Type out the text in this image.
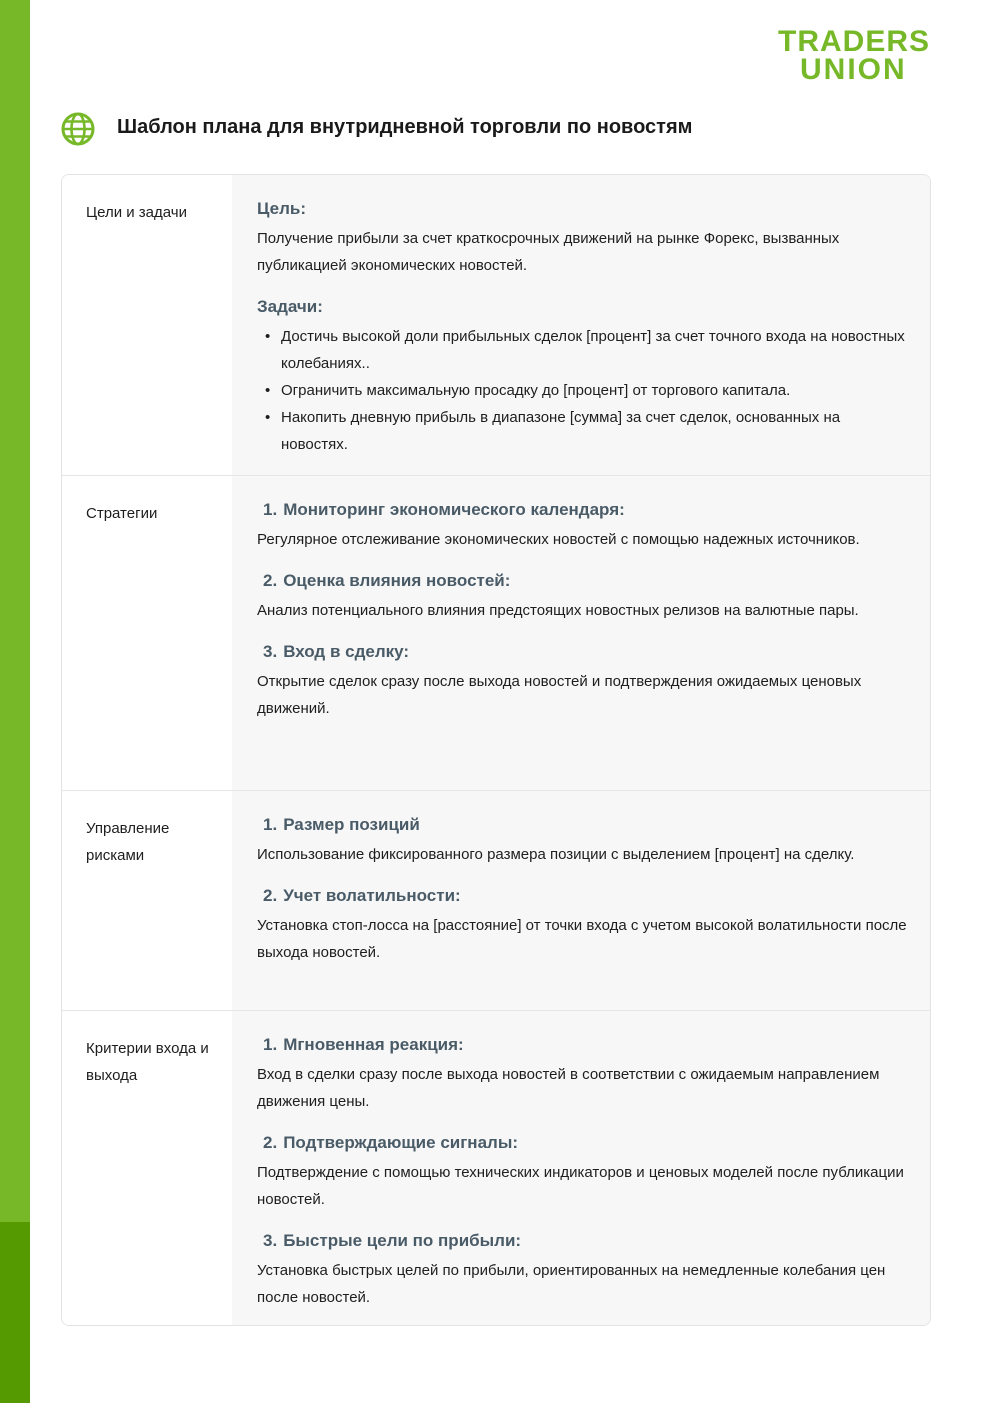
TRADERS
UNION
Шаблон плана для внутридневной торговли по новостям
Цели и задачи	Цель:

Получение прибыли за счет краткосрочных движений на рынке Форекс, вызванных публикацией экономических новостей.

Задачи:
• Достичь высокой доли прибыльных сделок [процент] за счет точного входа на новостных колебаниях..
• Ограничить максимальную просадку до [процент] от торгового капитала.
• Накопить дневную прибыль в диапазоне [сумма] за счет сделок, основанных на новостях.
Стратегии	1. Мониторинг экономического календаря:

Регулярное отслеживание экономических новостей с помощью надежных источников.

2. Оценка влияния новостей:

Анализ потенциального влияния предстоящих новостных релизов на валютные пары.

3. Вход в сделку:

Открытие сделок сразу после выхода новостей и подтверждения ожидаемых ценовых движений.

Управление рисками
1. Размер позиций

Использование фиксированного размера позиции с выделением [процент] на сделку.

2. Учет волатильности:

Установка стоп-лосса на [расстояние] от точки входа с учетом высокой волатильности после выхода новостей.

Критерии входа и выхода
1. Мгновенная реакция:

Вход в сделки сразу после выхода новостей в соответствии с ожидаемым направлением движения цены.

2. Подтверждающие сигналы:

Подтверждение с помощью технических индикаторов и ценовых моделей после публикации новостей.

3. Быстрые цели по прибыли:

Установка быстрых целей по прибыли, ориентированных на немедленные колебания цен после новостей.
